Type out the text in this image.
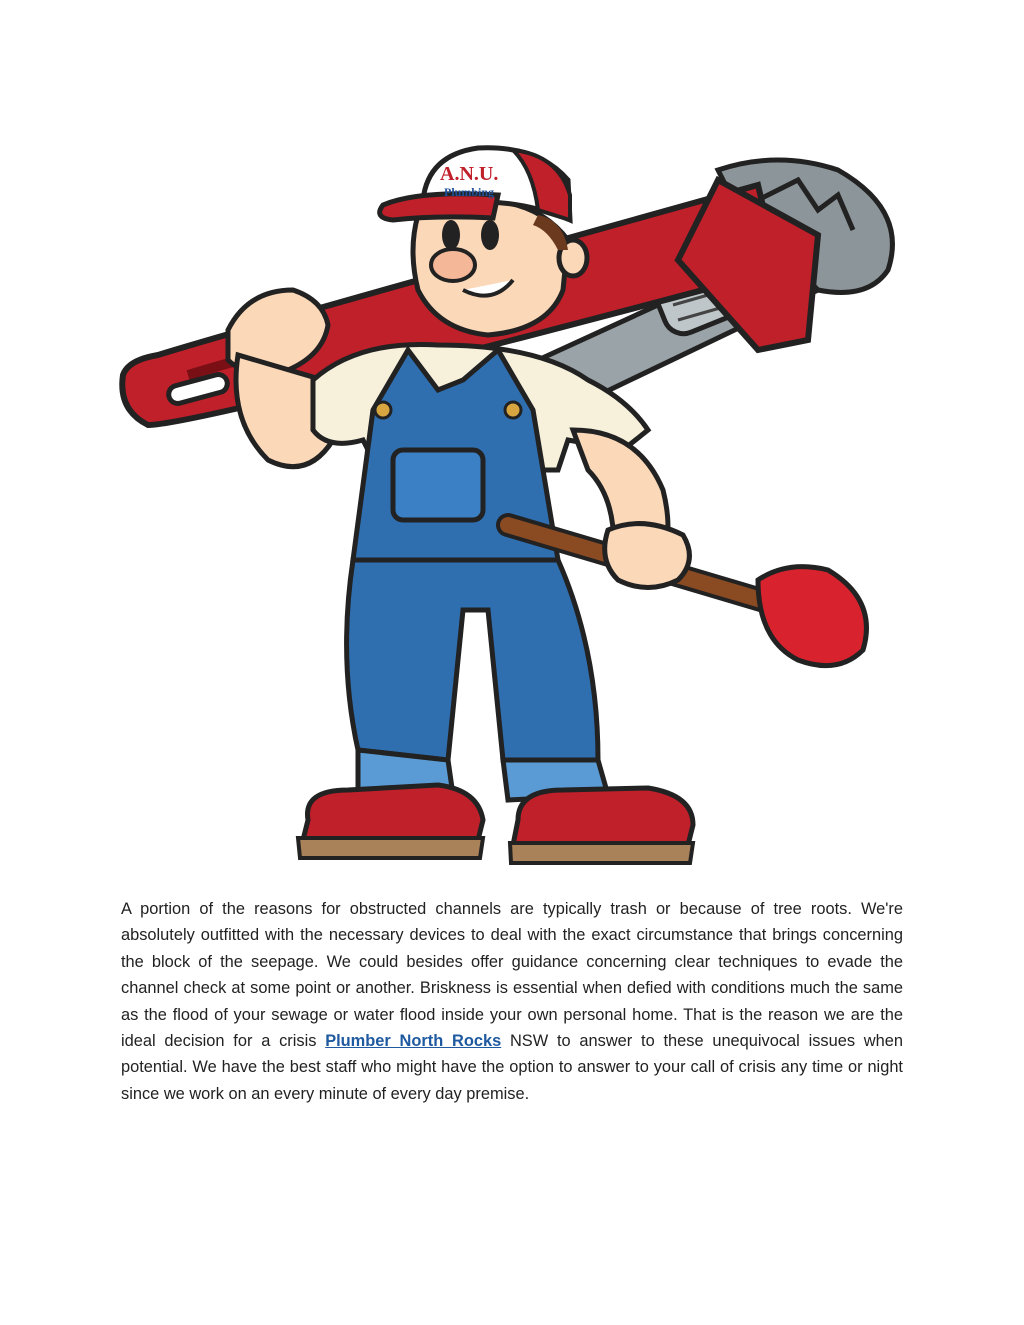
A.N.U.
Plumbing

A portion of the reasons for obstructed channels are typically trash or because of tree roots. We're absolutely outfitted with the necessary devices to deal with the exact circumstance that brings concerning the block of the seepage. We could besides offer guidance concerning clear techniques to evade the channel check at some point or another. Briskness is essential when defied with conditions much the same as the flood of your sewage or water flood inside your own personal home. That is the reason we are the ideal decision for a crisis Plumber North Rocks NSW to answer to these unequivocal issues when potential. We have the best staff who might have the option to answer to your call of crisis any time or night since we work on an every minute of every day premise.
